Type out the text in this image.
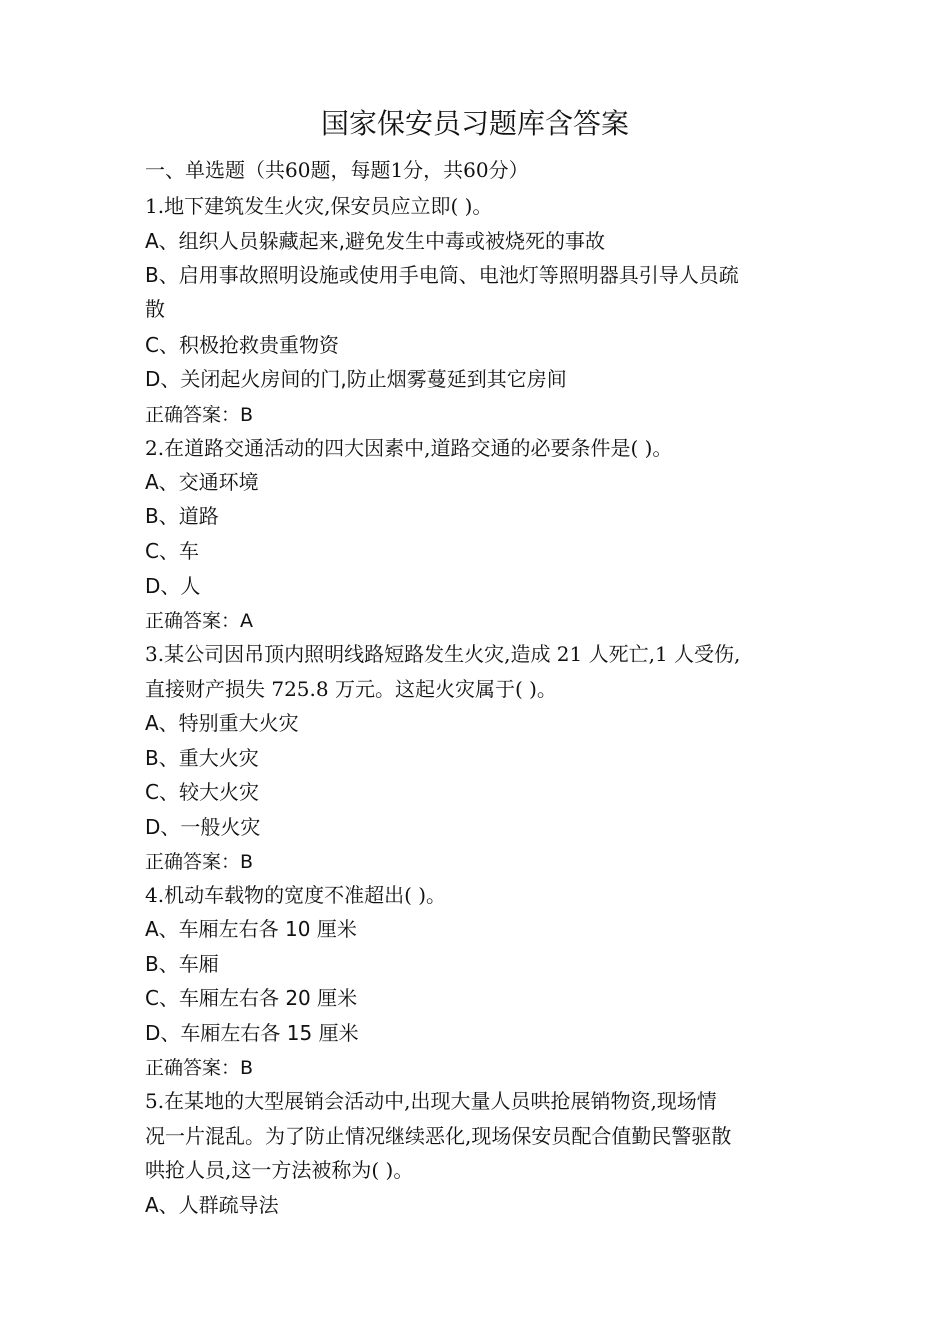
国家保安员习题库含答案
一、单选题（共60题，每题1分，共60分）
1.地下建筑发生火灾,保安员应立即( )。
A、组织人员躲藏起来,避免发生中毒或被烧死的事故
B、启用事故照明设施或使用手电筒、电池灯等照明器具引导人员疏
散
C、积极抢救贵重物资
D、关闭起火房间的门,防止烟雾蔓延到其它房间
正确答案：B
2.在道路交通活动的四大因素中,道路交通的必要条件是( )。
A、交通环境
B、道路
C、车
D、人
正确答案：A
3.某公司因吊顶内照明线路短路发生火灾,造成 21 人死亡,1 人受伤,
直接财产损失 725.8 万元。这起火灾属于( )。
A、特别重大火灾
B、重大火灾
C、较大火灾
D、一般火灾
正确答案：B
4.机动车载物的宽度不准超出( )。
A、车厢左右各 10 厘米
B、车厢
C、车厢左右各 20 厘米
D、车厢左右各 15 厘米
正确答案：B
5.在某地的大型展销会活动中,出现大量人员哄抢展销物资,现场情
况一片混乱。为了防止情况继续恶化,现场保安员配合值勤民警驱散
哄抢人员,这一方法被称为( )。
A、人群疏导法
